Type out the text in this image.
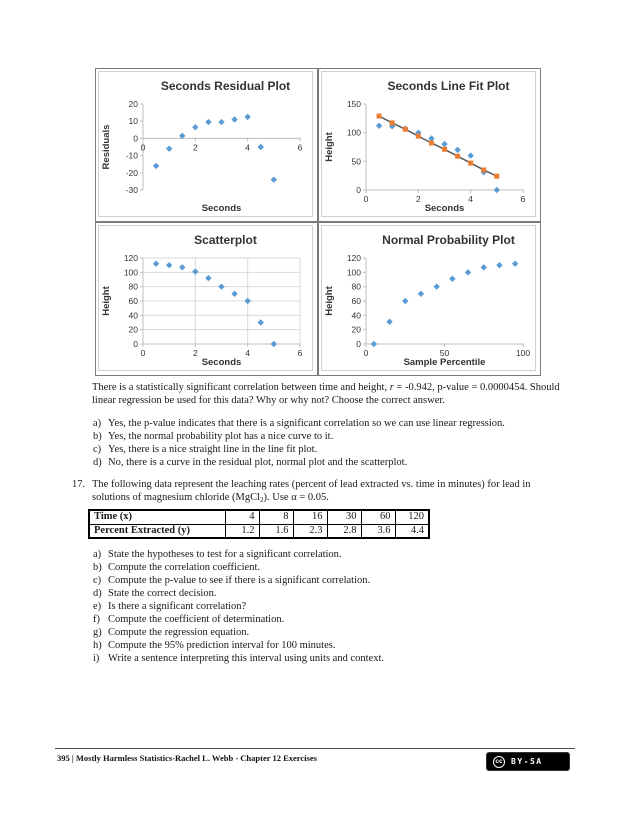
-30
-20
-10
0
10
20
0	2	4	6
Seconds Residual Plot
Seconds
Residuals
0
50
100
150
0	2	4	6
Seconds Line Fit Plot
Seconds
Height
0
20
40
60
80
100
120
0	2	4	6
Scatterplot
Seconds
Height
0
20
40
60
80
100
120
0	50	100
Normal Probability Plot
Sample Percentile
Height
There is a statistically significant correlation between time and height, r = -0.942, p-value = 0.0000454. Should
linear regression be used for this data? Why or why not? Choose the correct answer.
a) Yes, the p-value indicates that there is a significant correlation so we can use linear regression.
b) Yes, the normal probability plot has a nice curve to it.
c) Yes, there is a nice straight line in the line fit plot.
d) No, there is a curve in the residual plot, normal plot and the scatterplot.
17. The following data represent the leaching rates (percent of lead extracted vs. time in minutes) for lead in
solutions of magnesium chloride (MgCl$_2$). Use α = 0.05.
Time (x)	4	8	16	30	60	120
Percent Extracted (y)	1.2	1.6	2.3	2.8	3.6	4.4
a) State the hypotheses to test for a significant correlation.
b) Compute the correlation coefficient.
c) Compute the p-value to see if there is a significant correlation.
d) State the correct decision.
e) Is there a significant correlation?
f) Compute the coefficient of determination.
g) Compute the regression equation.
h) Compute the 95% prediction interval for 100 minutes.
i) Write a sentence interpreting this interval using units and context.
395 | Mostly Harmless Statistics-Rachel L. Webb - Chapter 12 Exercises	cc BY-SA
